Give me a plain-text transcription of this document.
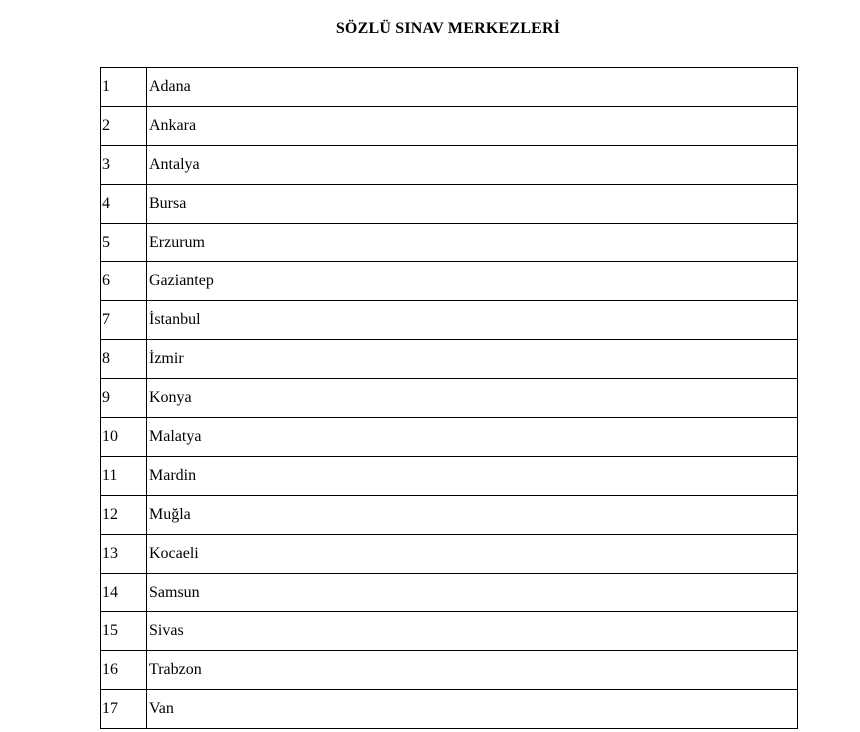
SÖZLÜ SINAV MERKEZLERİ
1	Adana
2	Ankara
3	Antalya
4	Bursa
5	Erzurum
6	Gaziantep
7	İstanbul
8	İzmir
9	Konya
10	Malatya
11	Mardin
12	Muğla
13	Kocaeli
14	Samsun
15	Sivas
16	Trabzon
17	Van
